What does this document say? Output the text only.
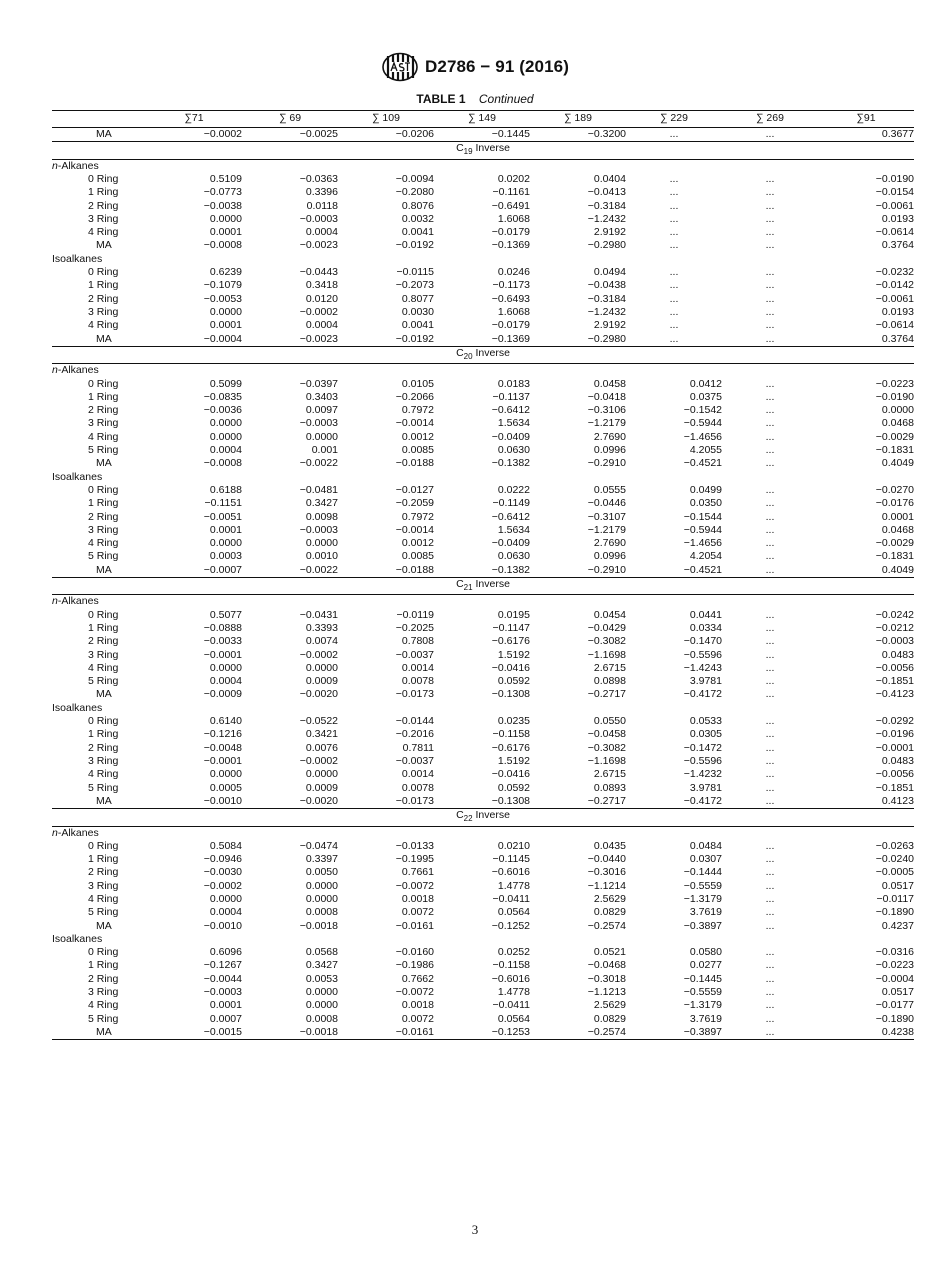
D2786 − 91 (2016)
TABLE 1 Continued
	∑71	∑ 69	∑ 109	∑ 149	∑ 189	∑ 229	∑ 269	∑91
MA	−0.0002	−0.0025	−0.0206	−0.1445	−0.3200	...	...	0.3677
$C_{19}$ Inverse								
n-Alkanes								
0 Ring	0.5109	−0.0363	−0.0094	0.0202	0.0404	...	...	−0.0190
1 Ring	−0.0773	0.3396	−0.2080	−0.1161	−0.0413	...	...	−0.0154
2 Ring	−0.0038	0.0118	0.8076	−0.6491	−0.3184	...	...	−0.0061
3 Ring	0.0000	−0.0003	0.0032	1.6068	−1.2432	...	...	0.0193
4 Ring	0.0001	0.0004	0.0041	−0.0179	2.9192	...	...	−0.0614
MA	−0.0008	−0.0023	−0.0192	−0.1369	−0.2980	...	...	0.3764
Isoalkanes								
0 Ring	0.6239	−0.0443	−0.0115	0.0246	0.0494	...	...	−0.0232
1 Ring	−0.1079	0.3418	−0.2073	−0.1173	−0.0438	...	...	−0.0142
2 Ring	−0.0053	0.0120	0.8077	−0.6493	−0.3184	...	...	−0.0061
3 Ring	0.0000	−0.0002	0.0030	1.6068	−1.2432	...	...	0.0193
4 Ring	0.0001	0.0004	0.0041	−0.0179	2.9192	...	...	−0.0614
MA	−0.0004	−0.0023	−0.0192	−0.1369	−0.2980	...	...	0.3764
$C_{20}$ Inverse								
n-Alkanes								
0 Ring	0.5099	−0.0397	0.0105	0.0183	0.0458	0.0412	...	−0.0223
1 Ring	−0.0835	0.3403	−0.2066	−0.1137	−0.0418	0.0375	...	−0.0190
2 Ring	−0.0036	0.0097	0.7972	−0.6412	−0.3106	−0.1542	...	0.0000
3 Ring	0.0000	−0.0003	−0.0014	1.5634	−1.2179	−0.5944	...	0.0468
4 Ring	0.0000	0.0000	0.0012	−0.0409	2.7690	−1.4656	...	−0.0029
5 Ring	0.0004	0.001	0.0085	0.0630	0.0996	4.2055	...	−0.1831
MA	−0.0008	−0.0022	−0.0188	−0.1382	−0.2910	−0.4521	...	0.4049
Isoalkanes								
0 Ring	0.6188	−0.0481	−0.0127	0.0222	0.0555	0.0499	...	−0.0270
1 Ring	−0.1151	0.3427	−0.2059	−0.1149	−0.0446	0.0350	...	−0.0176
2 Ring	−0.0051	0.0098	0.7972	−0.6412	−0.3107	−0.1544	...	0.0001
3 Ring	0.0001	−0.0003	−0.0014	1.5634	−1.2179	−0.5944	...	0.0468
4 Ring	0.0000	0.0000	0.0012	−0.0409	2.7690	−1.4656	...	−0.0029
5 Ring	0.0003	0.0010	0.0085	0.0630	0.0996	4.2054	...	−0.1831
MA	−0.0007	−0.0022	−0.0188	−0.1382	−0.2910	−0.4521	...	0.4049
$C_{21}$ Inverse								
n-Alkanes								
0 Ring	0.5077	−0.0431	−0.0119	0.0195	0.0454	0.0441	...	−0.0242
1 Ring	−0.0888	0.3393	−0.2025	−0.1147	−0.0429	0.0334	...	−0.0212
2 Ring	−0.0033	0.0074	0.7808	−0.6176	−0.3082	−0.1470	...	−0.0003
3 Ring	−0.0001	−0.0002	−0.0037	1.5192	−1.1698	−0.5596	...	0.0483
4 Ring	0.0000	0.0000	0.0014	−0.0416	2.6715	−1.4243	...	−0.0056
5 Ring	0.0004	0.0009	0.0078	0.0592	0.0898	3.9781	...	−0.1851
MA	−0.0009	−0.0020	−0.0173	−0.1308	−0.2717	−0.4172	...	−0.4123
Isoalkanes								
0 Ring	0.6140	−0.0522	−0.0144	0.0235	0.0550	0.0533	...	−0.0292
1 Ring	−0.1216	0.3421	−0.2016	−0.1158	−0.0458	0.0305	...	−0.0196
2 Ring	−0.0048	0.0076	0.7811	−0.6176	−0.3082	−0.1472	...	−0.0001
3 Ring	−0.0001	−0.0002	−0.0037	1.5192	−1.1698	−0.5596	...	0.0483
4 Ring	0.0000	0.0000	0.0014	−0.0416	2.6715	−1.4232	...	−0.0056
5 Ring	0.0005	0.0009	0.0078	0.0592	0.0893	3.9781	...	−0.1851
MA	−0.0010	−0.0020	−0.0173	−0.1308	−0.2717	−0.4172	...	0.4123
$C_{22}$ Inverse								
n-Alkanes								
0 Ring	0.5084	−0.0474	−0.0133	0.0210	0.0435	0.0484	...	−0.0263
1 Ring	−0.0946	0.3397	−0.1995	−0.1145	−0.0440	0.0307	...	−0.0240
2 Ring	−0.0030	0.0050	0.7661	−0.6016	−0.3016	−0.1444	...	−0.0005
3 Ring	−0.0002	0.0000	−0.0072	1.4778	−1.1214	−0.5559	...	0.0517
4 Ring	0.0000	0.0000	0.0018	−0.0411	2.5629	−1.3179	...	−0.0117
5 Ring	0.0004	0.0008	0.0072	0.0564	0.0829	3.7619	...	−0.1890
MA	−0.0010	−0.0018	−0.0161	−0.1252	−0.2574	−0.3897	...	0.4237
Isoalkanes								
0 Ring	0.6096	0.0568	−0.0160	0.0252	0.0521	0.0580	...	−0.0316
1 Ring	−0.1267	0.3427	−0.1986	−0.1158	−0.0468	0.0277	...	−0.0223
2 Ring	−0.0044	0.0053	0.7662	−0.6016	−0.3018	−0.1445	...	−0.0004
3 Ring	−0.0003	0.0000	−0.0072	1.4778	−1.1213	−0.5559	...	0.0517
4 Ring	0.0001	0.0000	0.0018	−0.0411	2.5629	−1.3179	...	−0.0177
5 Ring	0.0007	0.0008	0.0072	0.0564	0.0829	3.7619	...	−0.1890
MA	−0.0015	−0.0018	−0.0161	−0.1253	−0.2574	−0.3897	...	0.4238
3
